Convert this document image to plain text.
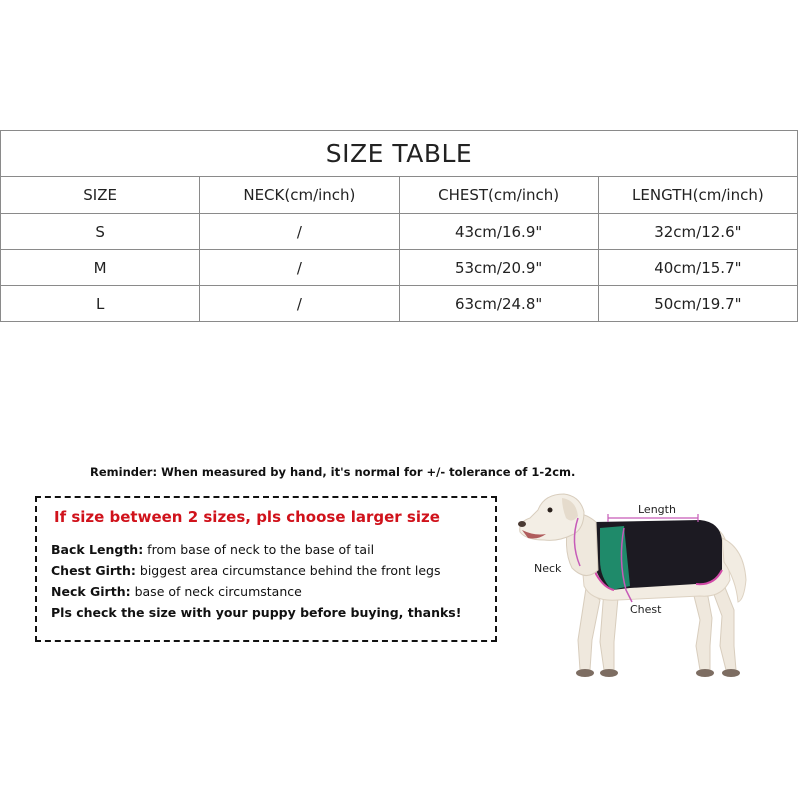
SIZE TABLE			
SIZE	NECK(cm/inch)	CHEST(cm/inch)	LENGTH(cm/inch)
S	/	43cm/16.9"	32cm/12.6"
M	/	53cm/20.9"	40cm/15.7"
L	/	63cm/24.8"	50cm/19.7"
Reminder: When measured by hand, it's normal for +/- tolerance of 1-2cm.
If size between 2 sizes, pls choose larger size
Back Length: from base of neck to the base of tail
Chest Girth: biggest area circumstance behind the front legs
Neck Girth: base of neck circumstance
Pls check the size with your puppy before buying, thanks!
Length
Neck
Chest
